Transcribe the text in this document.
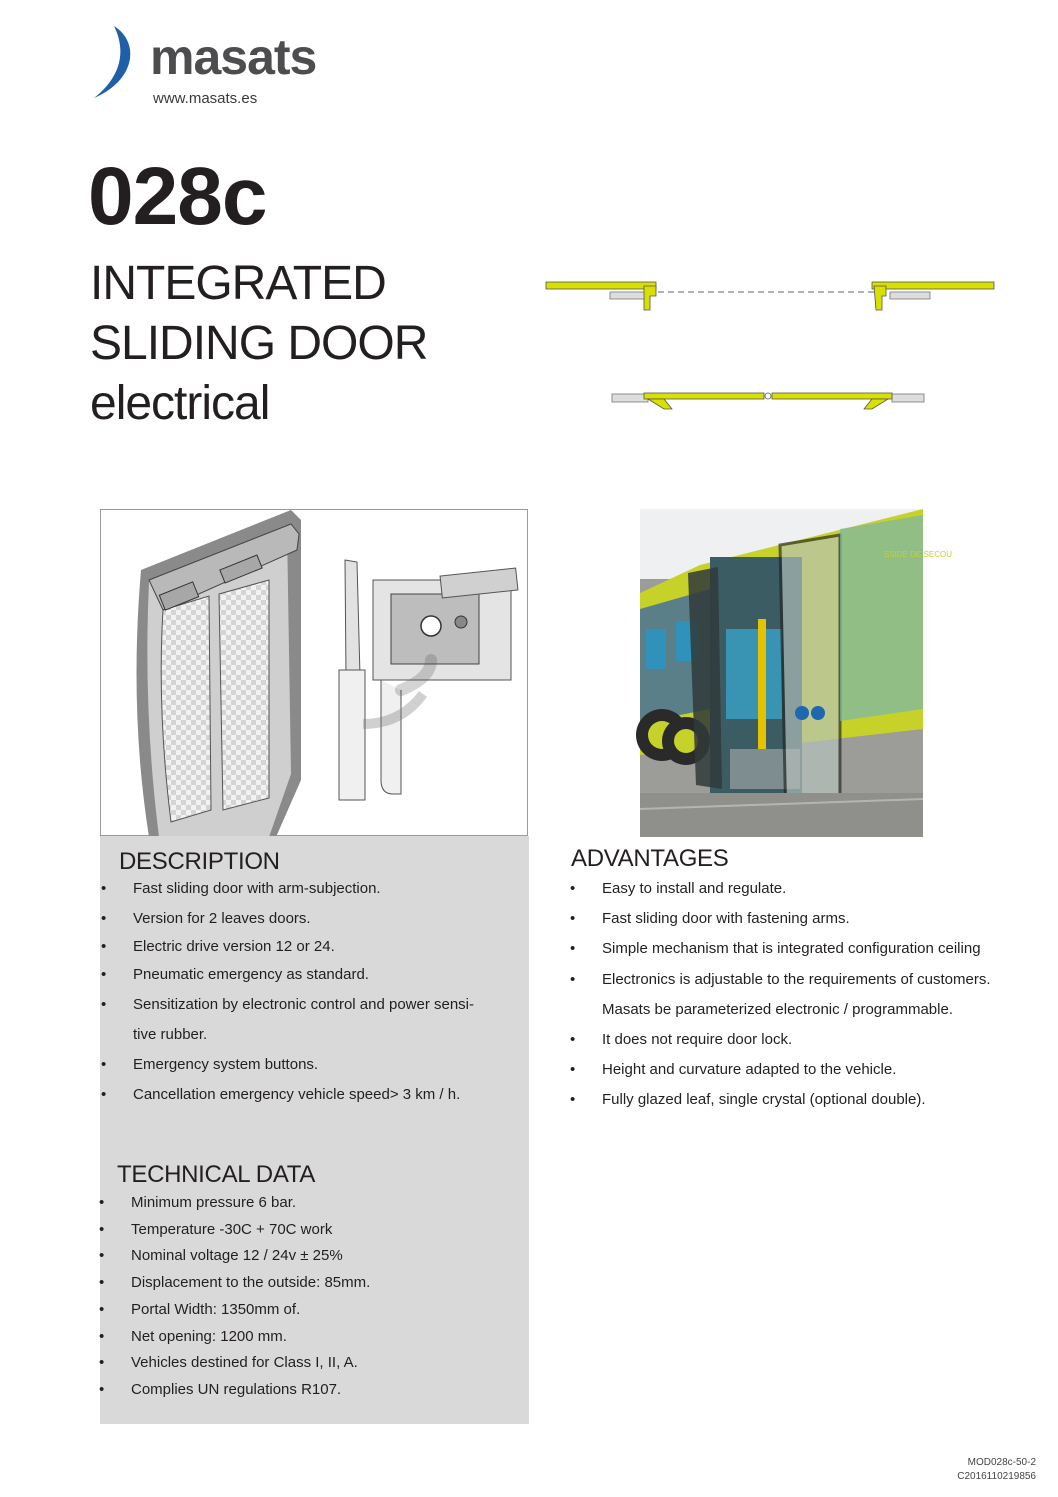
masats
www.masats.es
028c
INTEGRATED
SLIDING DOOR
electrical
SSIDE DE SECOU
DESCRIPTION
• Fast sliding door with arm-subjection.
• Version for 2 leaves doors.
• Electric drive version 12 or 24.
• Pneumatic emergency as standard.
• Sensitization by electronic control and power sensi-
tive rubber.
• Emergency system buttons.
• Cancellation emergency vehicle speed> 3 km / h.
TECHNICAL DATA
• Minimum pressure 6 bar.
• Temperature -30C + 70C work
• Nominal voltage 12 / 24v ± 25%
• Displacement to the outside: 85mm.
• Portal Width: 1350mm of.
• Net opening: 1200 mm.
• Vehicles destined for Class I, II, A.
• Complies UN regulations R107.
ADVANTAGES
• Easy to install and regulate.
• Fast sliding door with fastening arms.
• Simple mechanism that is integrated configuration ceiling
• Electronics is adjustable to the requirements of customers.
Masats be parameterized electronic / programmable.
• It does not require door lock.
• Height and curvature adapted to the vehicle.
• Fully glazed leaf, single crystal (optional double).
MOD028c-50-2
C2016110219856
